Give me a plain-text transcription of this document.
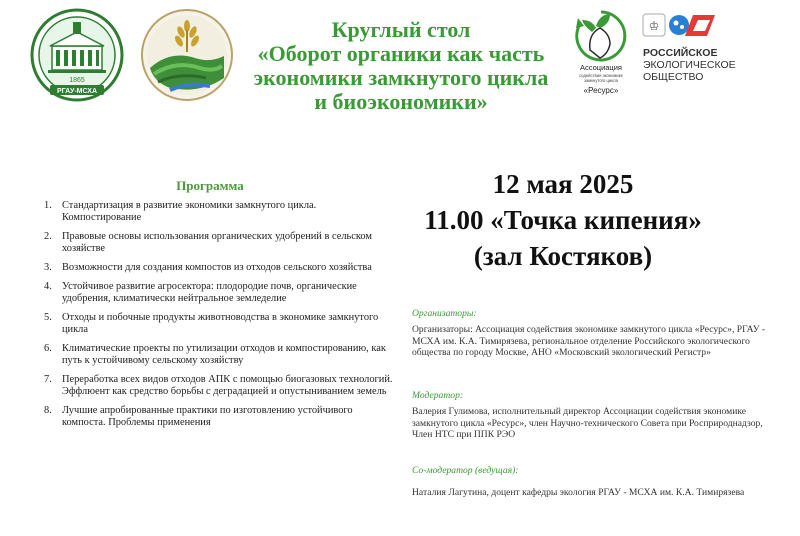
1865
РГАУ-МСХА
Круглый стол
«Оборот органики как часть
экономики замкнутого цикла
и биоэкономики»
Ассоциация
содействия экономике
замкнутого цикла
«Ресурс»
♔
РОССИЙСКОЕ
ЭКОЛОГИЧЕСКОЕ
ОБЩЕСТВО
Программа
1. Стандартизация в развитие экономики замкнутого цикла. Компостирование
2. Правовые основы использования органических удобрений в сельском хозяйстве
3. Возможности для создания компостов из отходов сельского хозяйства
4. Устойчивое развитие агросектора: плодородие почв, органические удобрения, климатически нейтральное земледелие
5. Отходы и побочные продукты животноводства в экономике замкнутого цикла
6. Климатические проекты по утилизации отходов и компостированию, как путь к устойчивому сельскому хозяйству
7. Переработка всех видов отходов АПК с помощью биогазовых технологий. Эффлюент как средство борьбы с деградацией и опустыниванием земель
8. Лучшие апробированные практики по изготовлению устойчивого компоста. Проблемы применения
12 мая 2025
11.00 «Точка кипения»
(зал Костяков)
Организаторы:
Организаторы: Ассоциация содействия экономике замкнутого цикла «Ресурс», РГАУ - МСХА им. К.А. Тимирязева, региональное отделение Российского экологического общества по городу Москве, АНО «Московский экологический Регистр»
Модератор:
Валерия Гулимова, исполнительный директор Ассоциации содействия экономике замкнутого цикла «Ресурс», член Научно-технического Совета при Росприроднадзор, Член НТС при ППК РЭО
Со-модератор (ведущая):
Наталия Лагутина, доцент кафедры экология РГАУ - МСХА им. К.А. Тимирязева
